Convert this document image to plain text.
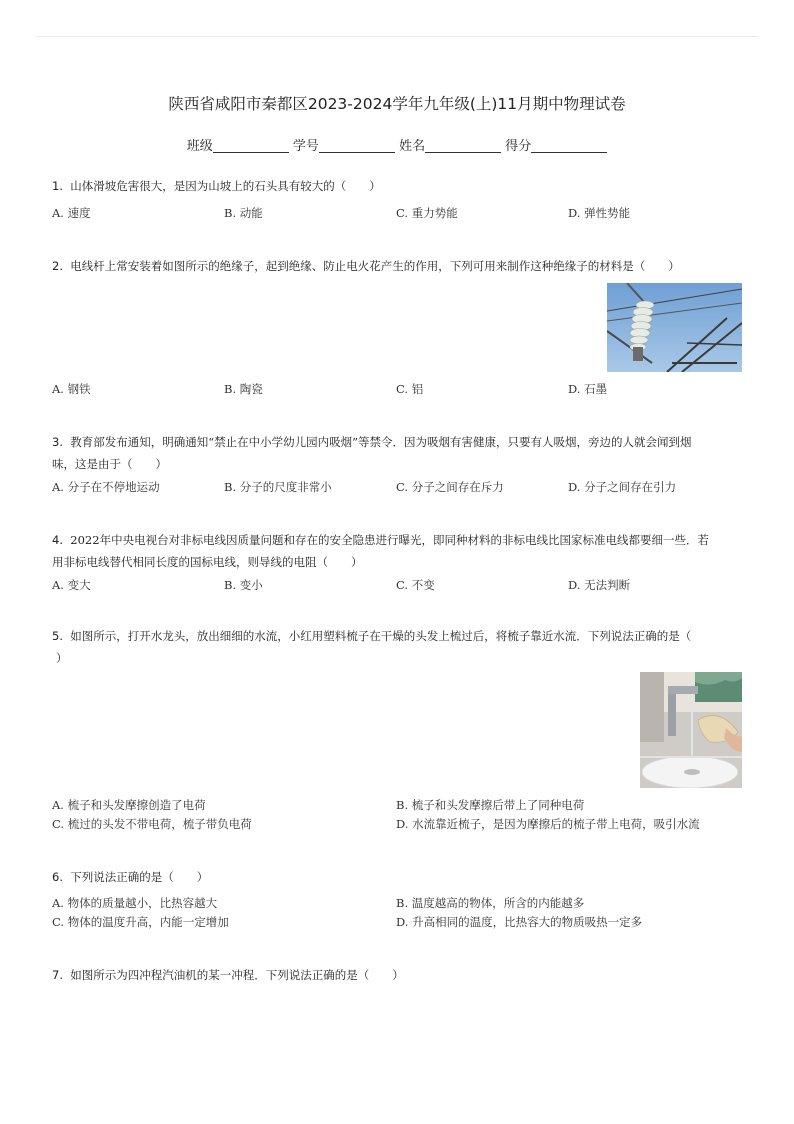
陕西省咸阳市秦都区2023-2024学年九年级(上)11月期中物理试卷
班级	学号	姓名	得分

1. 山体滑坡危害很大，是因为山坡上的石头具有较大的（　　）

A. 速度	B. 动能	C. 重力势能	D. 弹性势能

2. 电线杆上常安装着如图所示的绝缘子，起到绝缘、防止电火花产生的作用，下列可用来制作这种绝缘子的材料是（　　）

A. 钢铁	B. 陶瓷	C. 铝	D. 石墨

3. 教育部发布通知，明确通知“禁止在中小学幼儿园内吸烟”等禁令．因为吸烟有害健康，只要有人吸烟，旁边的人就会闻到烟

味，这是由于（　　）

A. 分子在不停地运动	B. 分子的尺度非常小	C. 分子之间存在斥力	D. 分子之间存在引力

4. 2022年中央电视台对非标电线因质量问题和存在的安全隐患进行曝光，即同种材料的非标电线比国家标准电线都要细一些．若

用非标电线替代相同长度的国标电线，则导线的电阻（　　）

A. 变大	B. 变小	C. 不变	D. 无法判断

5. 如图所示，打开水龙头，放出细细的水流，小红用塑料梳子在干燥的头发上梳过后，将梳子靠近水流．下列说法正确的是（

）

A. 梳子和头发摩擦创造了电荷	B. 梳子和头发摩擦后带上了同种电荷
C. 梳过的头发不带电荷，梳子带负电荷	D. 水流靠近梳子，是因为摩擦后的梳子带上电荷，吸引水流

6. 下列说法正确的是（　　）

A. 物体的质量越小，比热容越大	B. 温度越高的物体，所含的内能越多
C. 物体的温度升高，内能一定增加	D. 升高相同的温度，比热容大的物质吸热一定多

7. 如图所示为四冲程汽油机的某一冲程．下列说法正确的是（　　）
